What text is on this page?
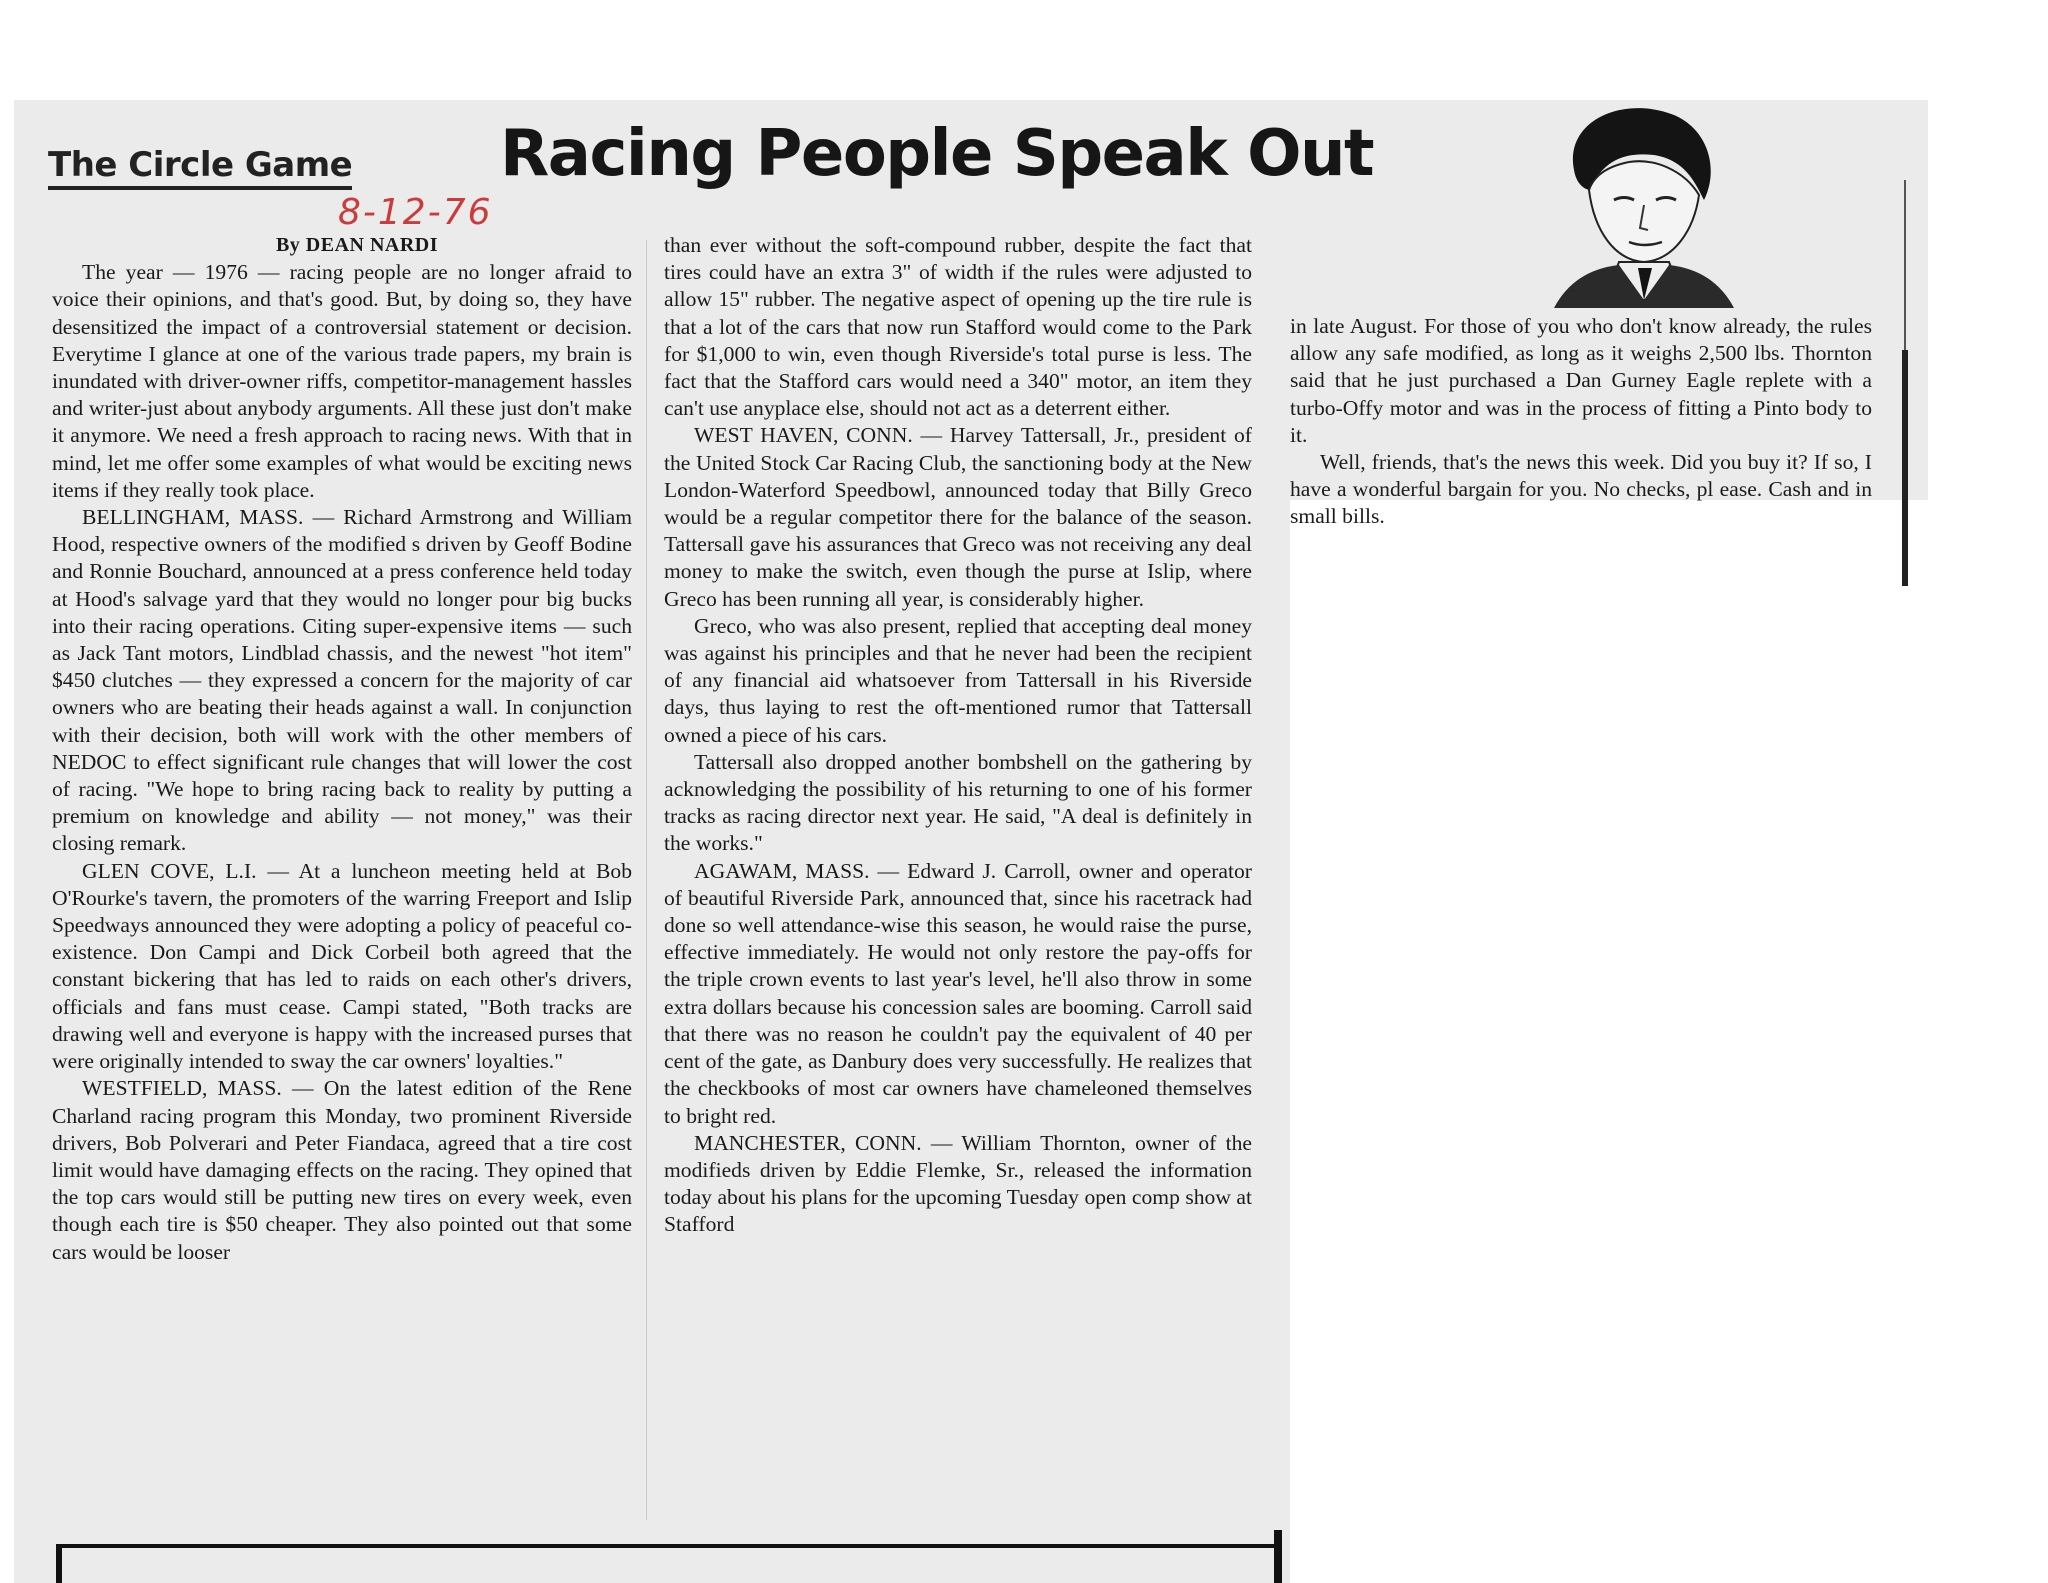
The Circle Game Racing People Speak Out
8-12-76

By DEAN NARDI

The year — 1976 — racing people are no longer afraid to voice their opinions, and that's good. But, by doing so, they have desensitized the impact of a controversial statement or decision. Everytime I glance at one of the various trade papers, my brain is inundated with driver-owner riffs, competitor-management hassles and writer-just about anybody arguments. All these just don't make it anymore. We need a fresh approach to racing news. With that in mind, let me offer some examples of what would be exciting news items if they really took place.

BELLINGHAM, MASS. — Richard Armstrong and William Hood, respective owners of the modified s driven by Geoff Bodine and Ronnie Bouchard, announced at a press conference held today at Hood's salvage yard that they would no longer pour big bucks into their racing operations. Citing super-expensive items — such as Jack Tant motors, Lindblad chassis, and the newest "hot item" $450 clutches — they expressed a concern for the majority of car owners who are beating their heads against a wall. In conjunction with their decision, both will work with the other members of NEDOC to effect significant rule changes that will lower the cost of racing. "We hope to bring racing back to reality by putting a premium on knowledge and ability — not money," was their closing remark.

GLEN COVE, L.I. — At a luncheon meeting held at Bob O'Rourke's tavern, the promoters of the warring Freeport and Islip Speedways announced they were adopting a policy of peaceful co-existence. Don Campi and Dick Corbeil both agreed that the constant bickering that has led to raids on each other's drivers, officials and fans must cease. Campi stated, "Both tracks are drawing well and everyone is happy with the increased purses that were originally intended to sway the car owners' loyalties."

WESTFIELD, MASS. — On the latest edition of the Rene Charland racing program this Monday, two prominent Riverside drivers, Bob Polverari and Peter Fiandaca, agreed that a tire cost limit would have damaging effects on the racing. They opined that the top cars would still be putting new tires on every week, even though each tire is $50 cheaper. They also pointed out that some cars would be looser

than ever without the soft-compound rubber, despite the fact that tires could have an extra 3" of width if the rules were adjusted to allow 15" rubber. The negative aspect of opening up the tire rule is that a lot of the cars that now run Stafford would come to the Park for $1,000 to win, even though Riverside's total purse is less. The fact that the Stafford cars would need a 340" motor, an item they can't use anyplace else, should not act as a deterrent either.

WEST HAVEN, CONN. — Harvey Tattersall, Jr., president of the United Stock Car Racing Club, the sanctioning body at the New London-Waterford Speedbowl, announced today that Billy Greco would be a regular competitor there for the balance of the season. Tattersall gave his assurances that Greco was not receiving any deal money to make the switch, even though the purse at Islip, where Greco has been running all year, is considerably higher.

Greco, who was also present, replied that accepting deal money was against his principles and that he never had been the recipient of any financial aid whatsoever from Tattersall in his Riverside days, thus laying to rest the oft-mentioned rumor that Tattersall owned a piece of his cars.

Tattersall also dropped another bombshell on the gathering by acknowledging the possibility of his returning to one of his former tracks as racing director next year. He said, "A deal is definitely in the works."

AGAWAM, MASS. — Edward J. Carroll, owner and operator of beautiful Riverside Park, announced that, since his racetrack had done so well attendance-wise this season, he would raise the purse, effective immediately. He would not only restore the pay-offs for the triple crown events to last year's level, he'll also throw in some extra dollars because his concession sales are booming. Carroll said that there was no reason he couldn't pay the equivalent of 40 per cent of the gate, as Danbury does very successfully. He realizes that the checkbooks of most car owners have chameleoned themselves to bright red.

MANCHESTER, CONN. — William Thornton, owner of the modifieds driven by Eddie Flemke, Sr., released the information today about his plans for the upcoming Tuesday open comp show at Stafford

in late August. For those of you who don't know already, the rules allow any safe modified, as long as it weighs 2,500 lbs. Thornton said that he just purchased a Dan Gurney Eagle replete with a turbo-Offy motor and was in the process of fitting a Pinto body to it.

Well, friends, that's the news this week. Did you buy it? If so, I have a wonderful bargain for you. No checks, pl ease. Cash and in small bills.
